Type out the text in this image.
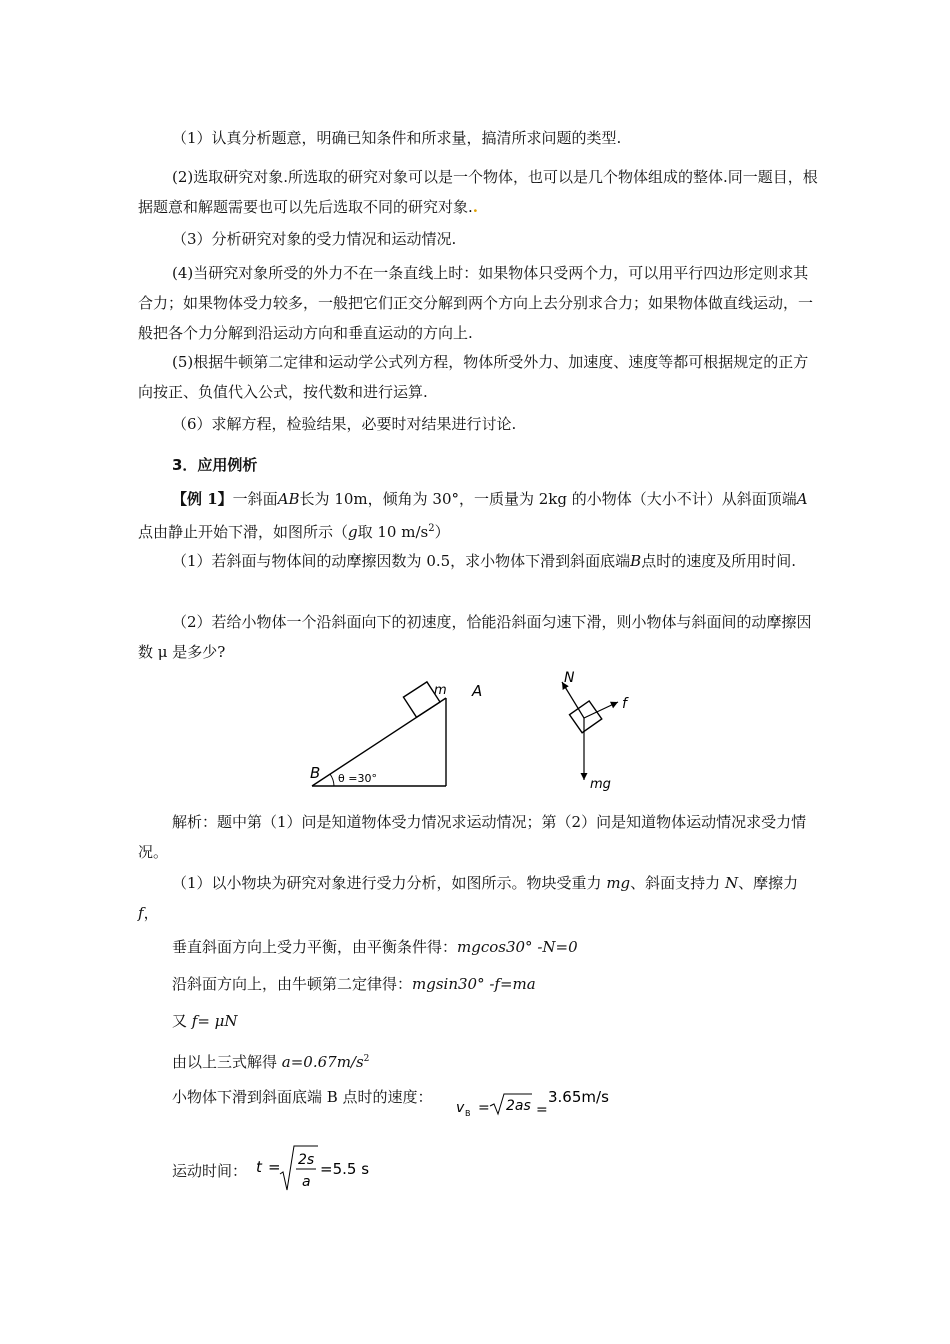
（1）认真分析题意，明确已知条件和所求量，搞清所求问题的类型.

(2)选取研究对象.所选取的研究对象可以是一个物体，也可以是几个物体组成的整体.同一题目，根据题意和解题需要也可以先后选取不同的研究对象..

（3）分析研究对象的受力情况和运动情况.

(4)当研究对象所受的外力不在一条直线上时：如果物体只受两个力，可以用平行四边形定则求其合力；如果物体受力较多，一般把它们正交分解到两个方向上去分别求合力；如果物体做直线运动，一般把各个力分解到沿运动方向和垂直运动的方向上.

(5)根据牛顿第二定律和运动学公式列方程，物体所受外力、加速度、速度等都可根据规定的正方向按正、负值代入公式，按代数和进行运算.

（6）求解方程，检验结果，必要时对结果进行讨论.

3．应用例析

【例 1】一斜面AB长为 10m，倾角为 30°，一质量为 2kg 的小物体（大小不计）从斜面顶端A点由静止开始下滑，如图所示（g取 10 $m/s^2$）

（1）若斜面与物体间的动摩擦因数为 0.5，求小物体下滑到斜面底端B点时的速度及所用时间.

（2）若给小物体一个沿斜面向下的初速度，恰能沿斜面匀速下滑，则小物体与斜面间的动摩擦因数 μ 是多少?

m A
B θ =30°
N
f
mg

解析：题中第（1）问是知道物体受力情况求运动情况；第（2）问是知道物体运动情况求受力情况。

（1）以小物块为研究对象进行受力分析，如图所示。物块受重力 mg、斜面支持力 N、摩擦力 f，

垂直斜面方向上受力平衡，由平衡条件得：mgcos30° -N=0

沿斜面方向上，由牛顿第二定律得：mgsin30° -f=ma

又 f= μN

由以上三式解得 $a=0.67m/s^2$

小物体下滑到斜面底端 B 点时的速度：

v B = 2as =
3.65m/s

运动时间： t = 2s
a
=5.5 s
